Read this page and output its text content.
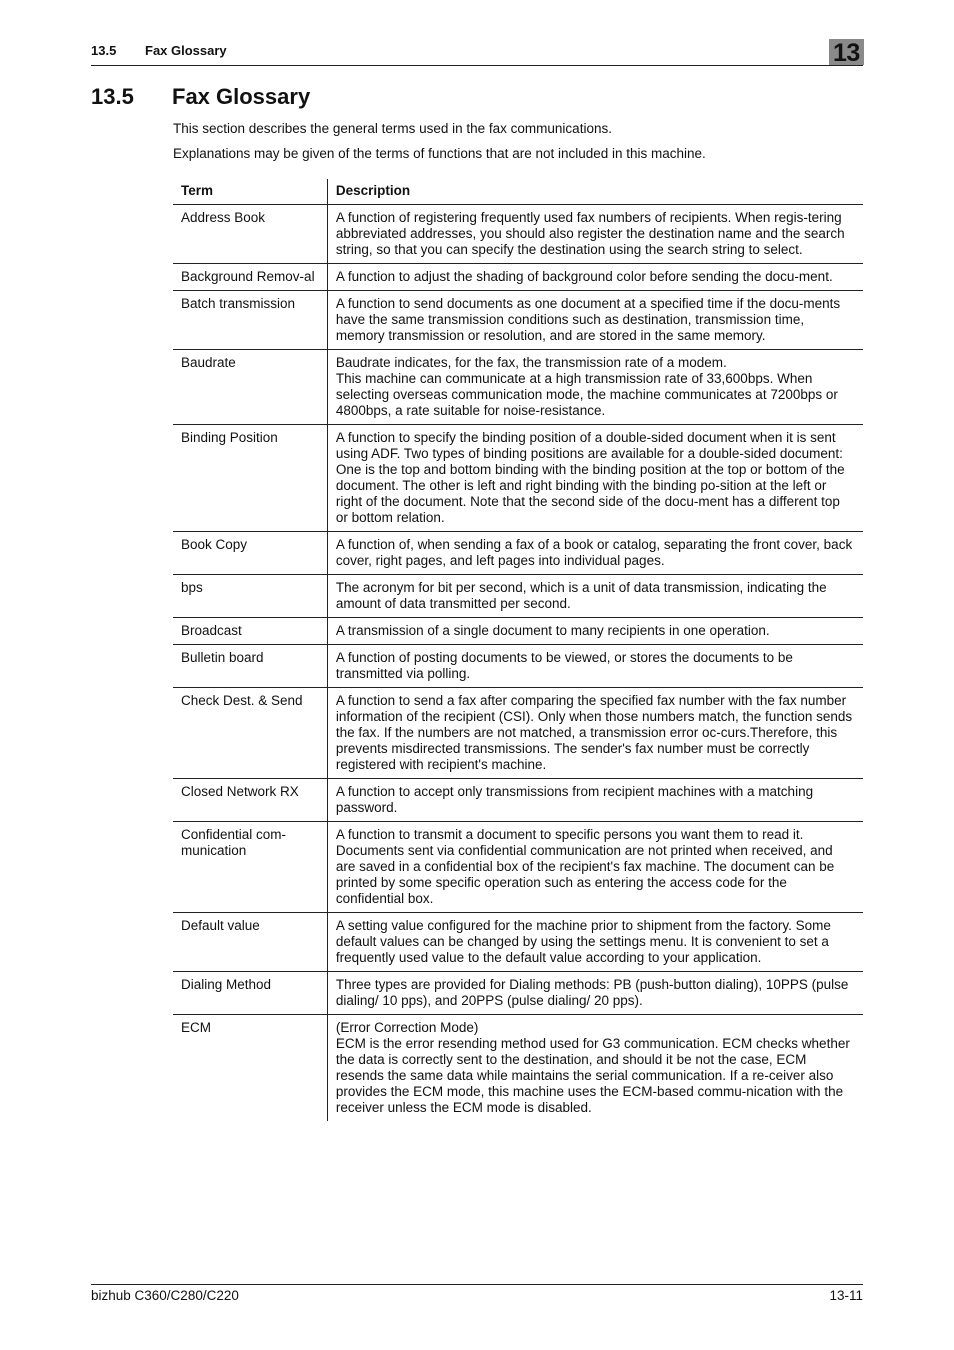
13.5 Fax Glossary	13
13.5 Fax Glossary

This section describes the general terms used in the fax communications.

Explanations may be given of the terms of functions that are not included in this machine.

Term	Description
Address Book	A function of registering frequently used fax numbers of recipients. When regis-tering abbreviated addresses, you should also register the destination name and the search string, so that you can specify the destination using the search string to select.

Background Remov-al	A function to adjust the shading of background color before sending the docu-ment.

Batch transmission	A function to send documents as one document at a specified time if the docu-ments have the same transmission conditions such as destination, transmission time, memory transmission or resolution, and are stored in the same memory.

Baudrate	Baudrate indicates, for the fax, the transmission rate of a modem.
This machine can communicate at a high transmission rate of 33,600bps. When selecting overseas communication mode, the machine communicates at 7200bps or 4800bps, a rate suitable for noise-resistance.

Binding Position	A function to specify the binding position of a double-sided document when it is sent using ADF. Two types of binding positions are available for a double-sided document: One is the top and bottom binding with the binding position at the top or bottom of the document. The other is left and right binding with the binding po-sition at the left or right of the document. Note that the second side of the docu-ment has a different top or bottom relation.

Book Copy	A function of, when sending a fax of a book or catalog, separating the front cover, back cover, right pages, and left pages into individual pages.

bps	The acronym for bit per second, which is a unit of data transmission, indicating the amount of data transmitted per second.

Broadcast	A transmission of a single document to many recipients in one operation.

Bulletin board	A function of posting documents to be viewed, or stores the documents to be transmitted via polling.

Check Dest. & Send	A function to send a fax after comparing the specified fax number with the fax number information of the recipient (CSI). Only when those numbers match, the function sends the fax. If the numbers are not matched, a transmission error oc-curs.Therefore, this prevents misdirected transmissions. The sender's fax number must be correctly registered with recipient's machine.

Closed Network RX	A function to accept only transmissions from recipient machines with a matching password.

Confidential com-munication	A function to transmit a document to specific persons you want them to read it. Documents sent via confidential communication are not printed when received, and are saved in a confidential box of the recipient's fax machine. The document can be printed by some specific operation such as entering the access code for the confidential box.

Default value	A setting value configured for the machine prior to shipment from the factory. Some default values can be changed by using the settings menu. It is convenient to set a frequently used value to the default value according to your application.

Dialing Method	Three types are provided for Dialing methods: PB (push-button dialing), 10PPS (pulse dialing/ 10 pps), and 20PPS (pulse dialing/ 20 pps).

ECM	(Error Correction Mode)
ECM is the error resending method used for G3 communication. ECM checks whether the data is correctly sent to the destination, and should it be not the case, ECM resends the same data while maintains the serial communication. If a re-ceiver also provides the ECM mode, this machine uses the ECM-based commu-nication with the receiver unless the ECM mode is disabled.
bizhub C360/C280/C220	13-11
